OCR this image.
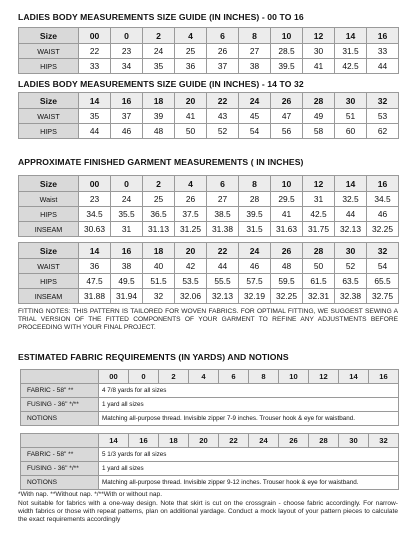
LADIES BODY MEASUREMENTS SIZE GUIDE (IN INCHES) - 00 TO 16
Size	00	0	2	4	6	8	10	12	14	16
WAIST	22	23	24	25	26	27	28.5	30	31.5	33
HIPS	33	34	35	36	37	38	39.5	41	42.5	44
LADIES BODY MEASUREMENTS SIZE GUIDE (IN INCHES) - 14 TO 32
Size	14	16	18	20	22	24	26	28	30	32
WAIST	35	37	39	41	43	45	47	49	51	53
HIPS	44	46	48	50	52	54	56	58	60	62
APPROXIMATE FINISHED GARMENT MEASUREMENTS ( IN INCHES)
Size	00	0	2	4	6	8	10	12	14	16
Waist	23	24	25	26	27	28	29.5	31	32.5	34.5
HIPS	34.5	35.5	36.5	37.5	38.5	39.5	41	42.5	44	46
INSEAM	30.63	31	31.13	31.25	31.38	31.5	31.63	31.75	32.13	32.25
Size	14	16	18	20	22	24	26	28	30	32
WAIST	36	38	40	42	44	46	48	50	52	54
HIPS	47.5	49.5	51.5	53.5	55.5	57.5	59.5	61.5	63.5	65.5
INSEAM	31.88	31.94	32	32.06	32.13	32.19	32.25	32.31	32.38	32.75
FITTING NOTES: THIS PATTERN IS TAILORED FOR WOVEN FABRICS. FOR OPTIMAL FITTING, WE SUGGEST SEWING A TRIAL VERSION OF THE FITTED COMPONENTS OF YOUR GARMENT TO REFINE ANY ADJUSTMENTS BEFORE PROCEEDING WITH YOUR FINAL PROJECT.
ESTIMATED FABRIC REQUIREMENTS (IN YARDS) AND NOTIONS
	00	0	2	4	6	8	10	12	14	16
FABRIC - 58" **	4 7/8 yards for all sizes									
FUSING - 36" */**	1 yard all sizes									
NOTIONS	Matching all-purpose thread. Invisible zipper 7-9 inches. Trouser hook & eye for waistband.									
	14	16	18	20	22	24	26	28	30	32
FABRIC - 58" **	5 1/3 yards for all sizes									
FUSING - 36" */**	1 yard all sizes									
NOTIONS	Matching all-purpose thread. Invisible zipper 9-12 inches. Trouser hook & eye for waistband.									
*With nap. **Without nap. */**With or without nap.
Not suitable for fabrics with a one-way design. Note that skirt is cut on the crossgrain - choose fabric accordingly. For narrow- width fabrics or those with repeat patterns, plan on additional yardage. Conduct a mock layout of your pattern pieces to calculate the exact requirements accordingly
